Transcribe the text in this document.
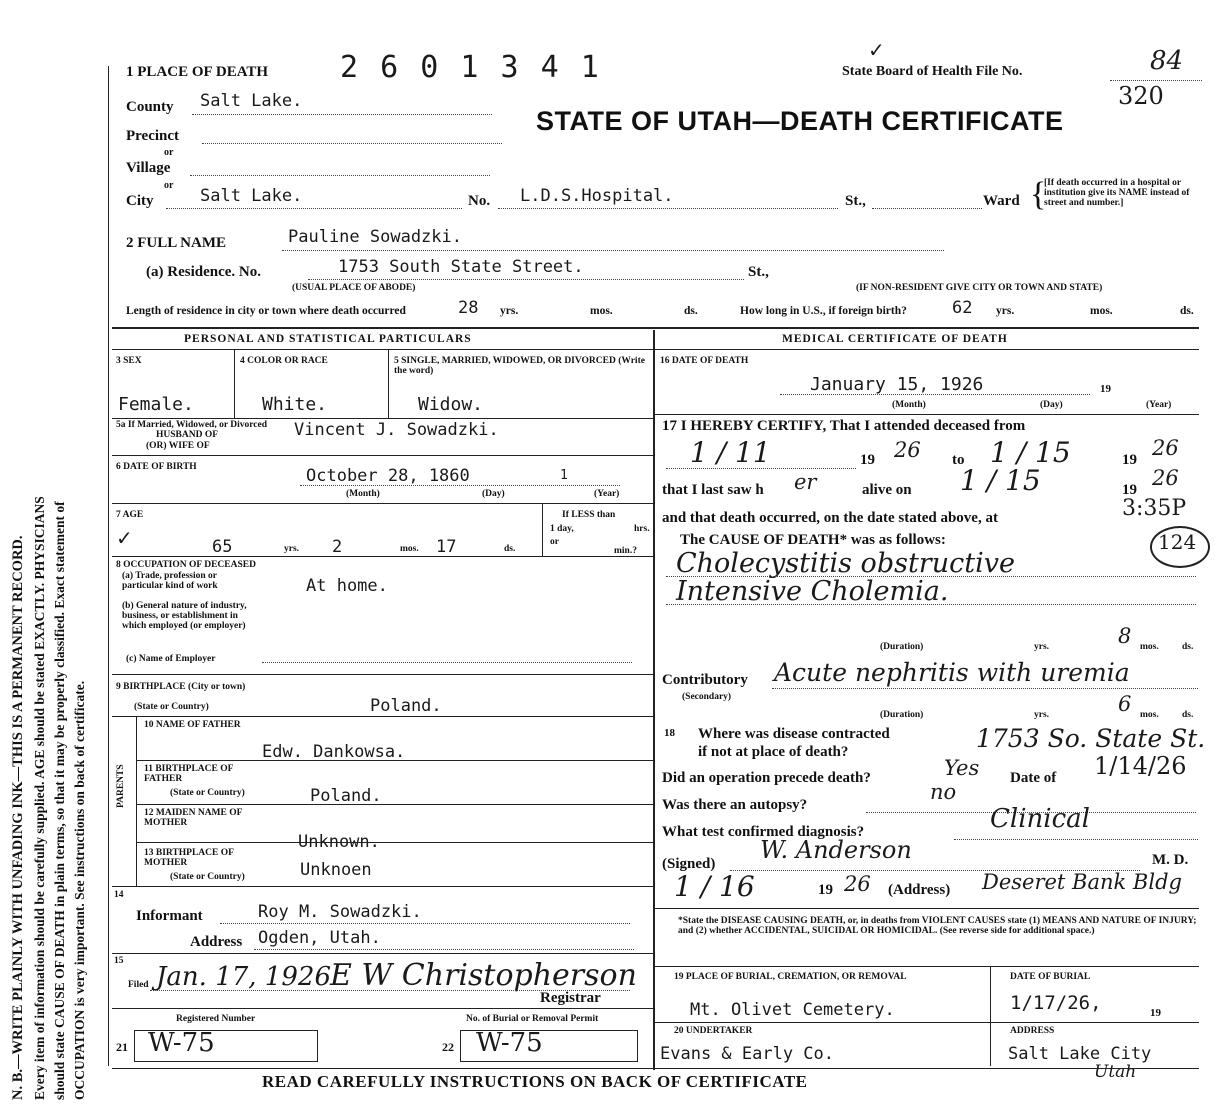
N. B.—WRITE PLAINLY WITH UNFADING INK—THIS IS A PERMANENT RECORD. Every item of information should be carefully supplied. AGE should be stated EXACTLY. PHYSICIANS should state CAUSE OF DEATH in plain terms, so that it may be properly classified. Exact statement of OCCUPATION is very important. See instructions on back of certificate.
1 PLACE OF DEATH 2 6 0 1 3 4 1	✓
State Board of Health File No.	84
320
STATE OF UTAH—DEATH CERTIFICATE
County Salt Lake.
Precinct
or
Village
or
City	Salt Lake.	No. L.D.S.Hospital.	St.,	Ward {
[If death occurred in a hospital or institution give its NAME instead of street and number.]
2 FULL NAME	Pauline Sowadzki.
(a) Residence. No.	1753 South State Street.	St.,
(USUAL PLACE OF ABODE)	(IF NON-RESIDENT GIVE CITY OR TOWN AND STATE)
Length of residence in city or town where death occurred	28 yrs.	mos.	ds.	How long in U.S., if foreign birth?	62 yrs.	mos.	ds.
PERSONAL AND STATISTICAL PARTICULARS
3 SEX	4 COLOR OR RACE	5 SINGLE, MARRIED, WIDOWED, OR DIVORCED (Write the word)
Female.	White.	Widow.
5a If Married, Widowed, or Divorced
HUSBAND OF
(OR) WIFE OF
Vincent J. Sowadzki.
6 DATE OF BIRTH	October 28, 1860	1
(Month)	(Day)	(Year)
7 AGE
✓	65	yrs. 2	mos. 17	ds.
If LESS than
1 day,
or
hrs.
min.?
8 OCCUPATION OF DECEASED
(a) Trade, profession or particular kind of work	At home.
(b) General nature of industry, business, or establishment in which employed (or employer)
(c) Name of Employer
9 BIRTHPLACE (City or town)
(State or Country)	Poland.
PARENTS
10 NAME OF FATHER
Edw. Dankowsa.
11 BIRTHPLACE OF FATHER
(State or Country)	Poland.
12 MAIDEN NAME OF MOTHER
Unknown.
13 BIRTHPLACE OF MOTHER
(State or Country)	Unknoen
14
Informant	Roy M. Sowadzki.
Address Ogden, Utah.
15
Filed Jan. 17, 1926 E W Christopherson
Registrar
Registered Number
21 W-75
No. of Burial or Removal Permit
22 W-75
MEDICAL CERTIFICATE OF DEATH
16 DATE OF DEATH
January 15, 1926	19
(Month)	(Day)	(Year)
17 I HEREBY CERTIFY, That I attended deceased from
1 / 11	19 26 to 1 / 15	19 26
that I last saw h er	alive on 1 / 15	19 26
and that death occurred, on the date stated above, at	3:35P
The CAUSE OF DEATH* was as follows:	124
Cholecystitis obstructive
Intensive Cholemia.
(Duration)	yrs.	8 mos. ds.
Contributory
(Secondary)
Acute nephritis with uremia
(Duration)	yrs.	6 mos. ds.
18 Where was disease contracted
if not at place of death?	1753 So. State St.
Did an operation precede death?	Yes Date of 1/14/26
Was there an autopsy?
no
What test confirmed diagnosis?	Clinical
(Signed) W. Anderson	M. D.
1 / 16	19 26 (Address) Deseret Bank Bldg
*State the DISEASE CAUSING DEATH, or, in deaths from VIOLENT CAUSES state (1) MEANS AND NATURE OF INJURY; and (2) whether ACCIDENTAL, SUICIDAL OR HOMICIDAL. (See reverse side for additional space.)
19 PLACE OF BURIAL, CREMATION, OR REMOVAL	DATE OF BURIAL
Mt. Olivet Cemetery.	1/17/26,	19
20 UNDERTAKER	ADDRESS
Evans & Early Co.	Salt Lake City
Utah
READ CAREFULLY INSTRUCTIONS ON BACK OF CERTIFICATE
